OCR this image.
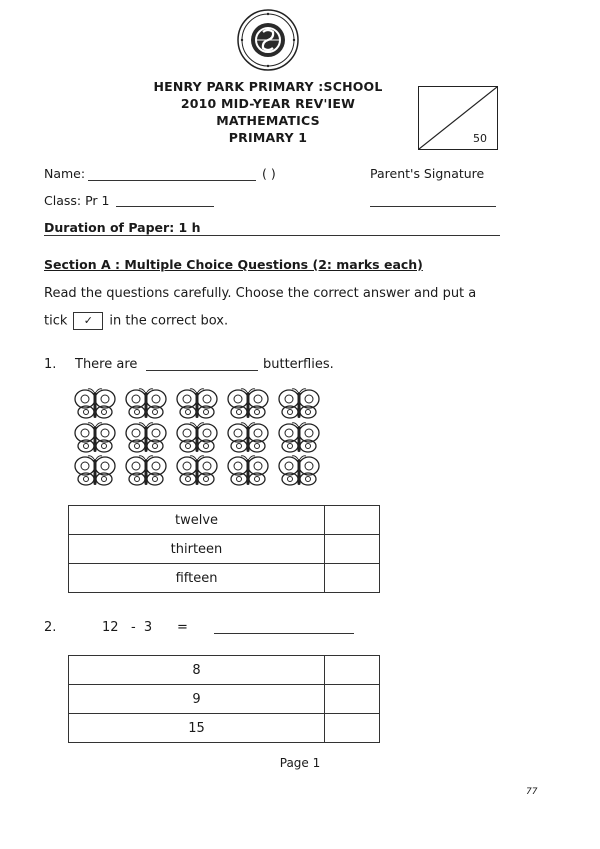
HENRY PARK PRIMARY :SCHOOL
2010 MID-YEAR REV'IEW
MATHEMATICS
PRIMARY 1	50
Name:	( )	Parent's Signature
Class: Pr 1
Duration of Paper: 1 h
Section A : Multiple Choice Questions (2: marks each)
Read the questions carefully. Choose the correct answer and put a
tick ✓ in the correct box.
1. There are	butterflies.
twelve	
thirteen	
fifteen	
2.	12   -  3      =
8	
9	
15	
Page 1
77
